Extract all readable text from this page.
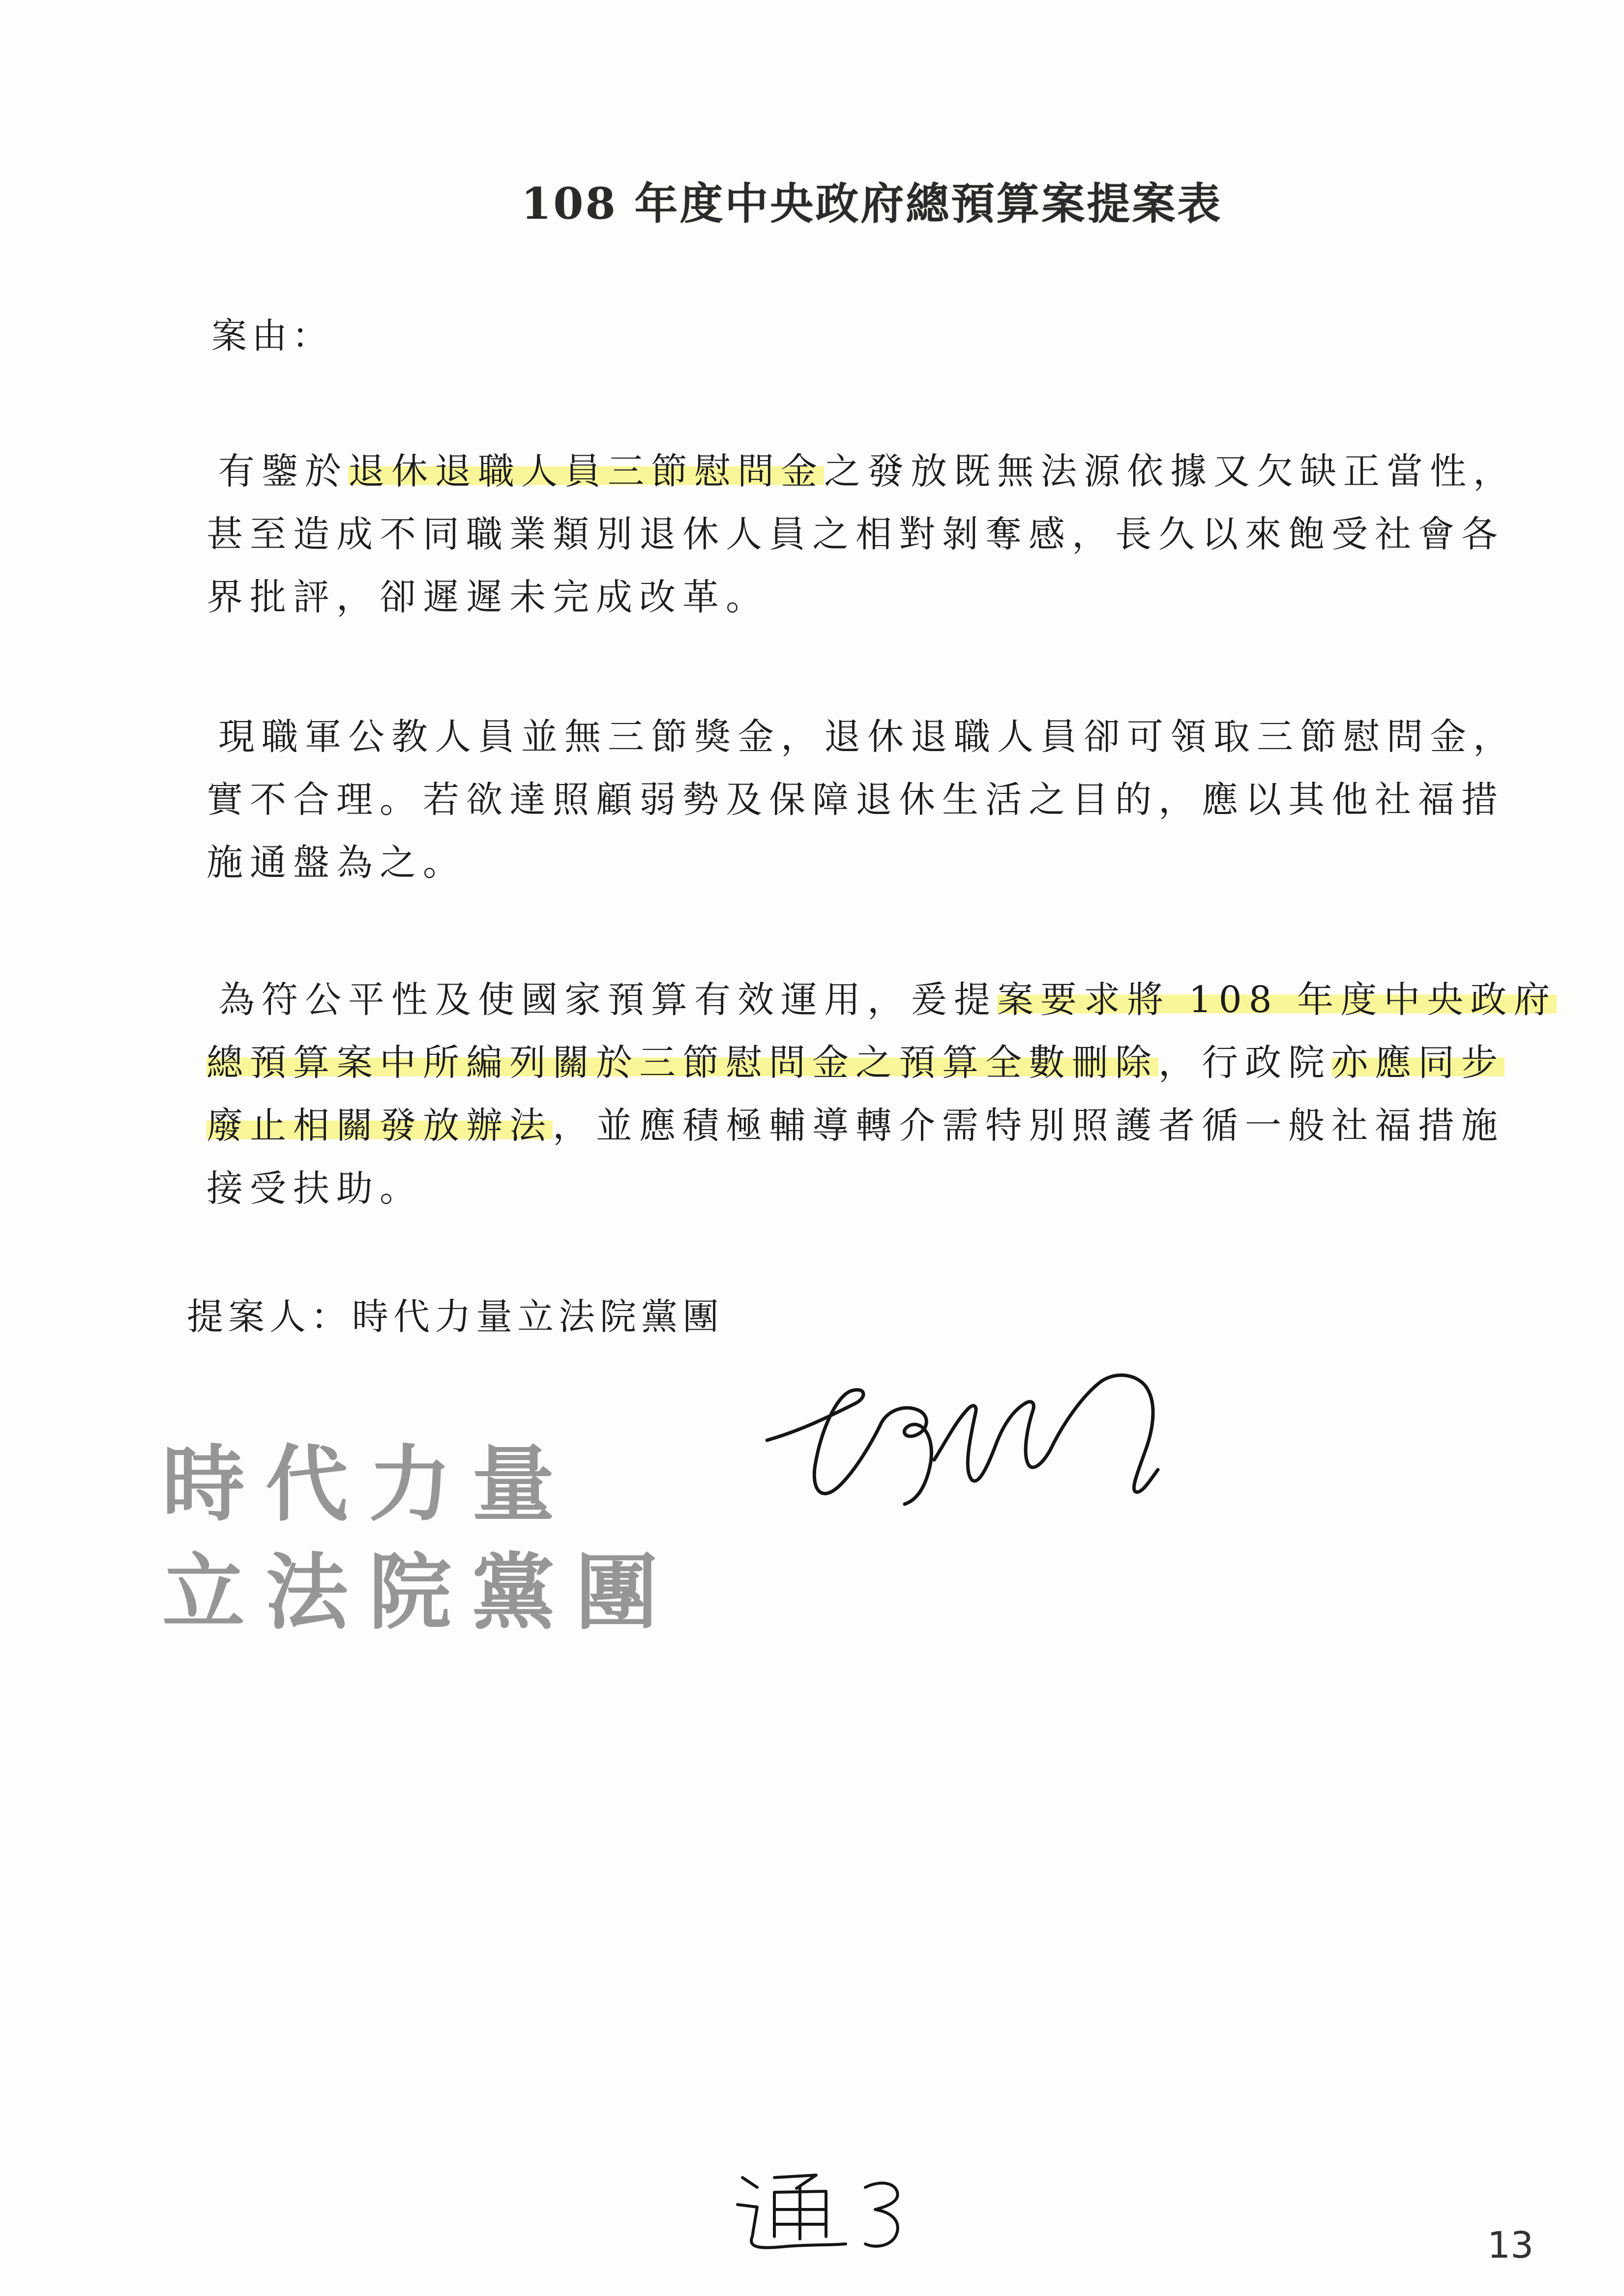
108 年度中央政府總預算案提案表
案由：
有鑒於退休退職人員三節慰問金之發放既無法源依據又欠缺正當性，
甚至造成不同職業類別退休人員之相對剝奪感，長久以來飽受社會各
界批評，卻遲遲未完成改革。
現職軍公教人員並無三節獎金，退休退職人員卻可領取三節慰問金，
實不合理。若欲達照顧弱勢及保障退休生活之目的，應以其他社福措
施通盤為之。
為符公平性及使國家預算有效運用，爰提案要求將 108 年度中央政府
總預算案中所編列關於三節慰問金之預算全數刪除，行政院亦應同步
廢止相關發放辦法，並應積極輔導轉介需特別照護者循一般社福措施
接受扶助。
提案人：時代力量立法院黨團
時代力量
立法院黨團
通了
13
